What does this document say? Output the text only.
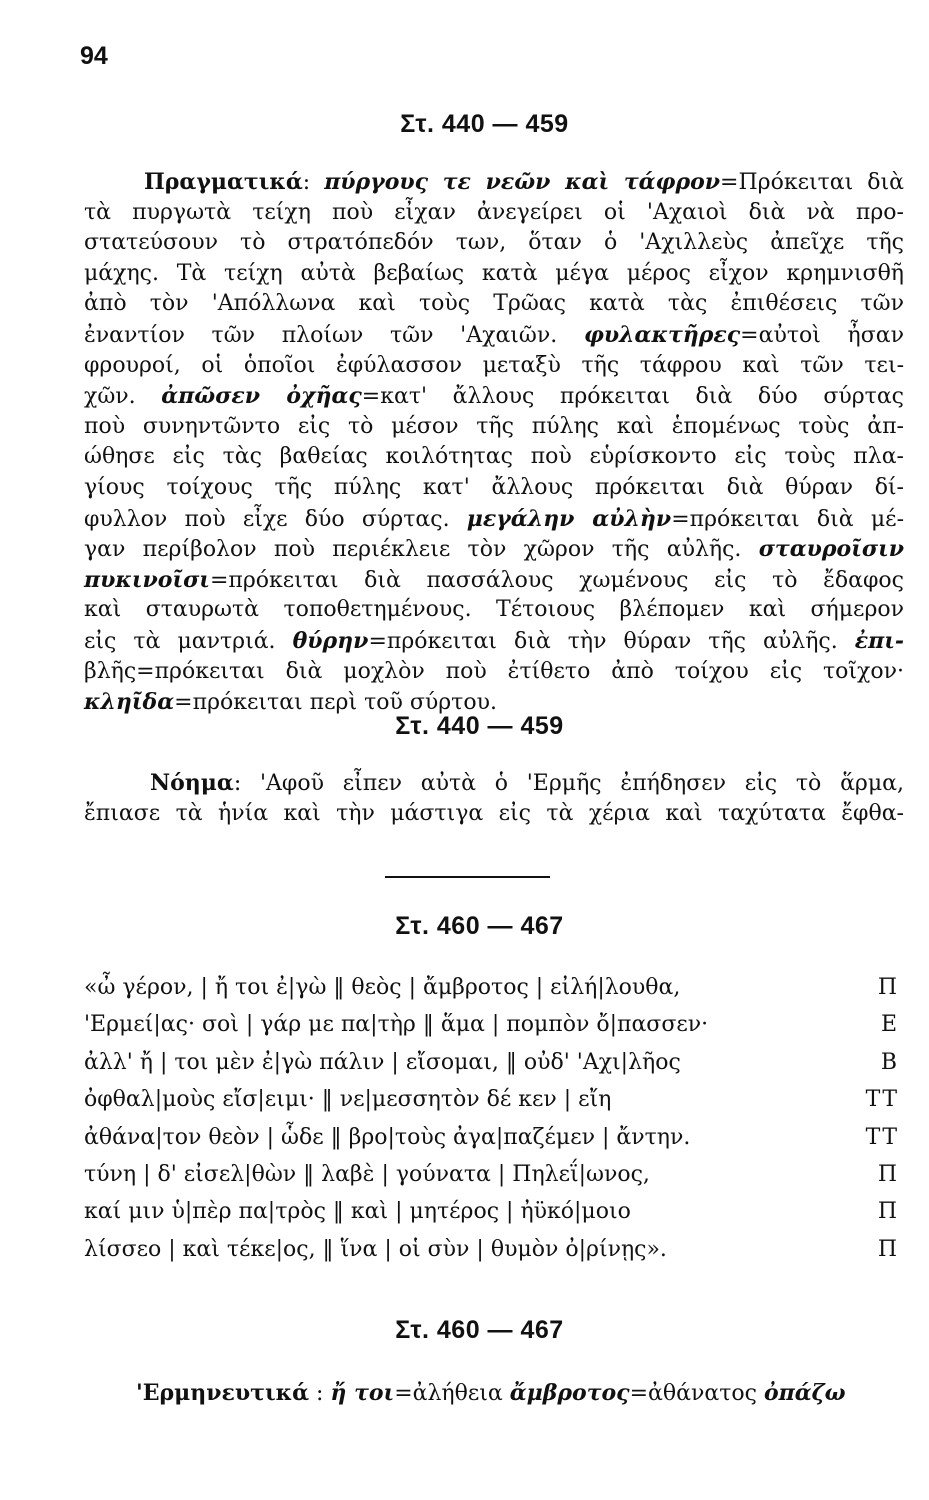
94
Στ. 440 — 459
Πραγματικά: πύργους τε νεῶν καὶ τάφρον=Πρόκειται διὰ
τὰ πυργωτὰ τείχη ποὺ εἶχαν ἀνεγείρει οἱ 'Αχαιοὶ διὰ νὰ προ-
στατεύσουν τὸ στρατόπεδόν των, ὅταν ὁ 'Αχιλλεὺς ἀπεῖχε τῆς
μάχης. Τὰ τείχη αὐτὰ βεβαίως κατὰ μέγα μέρος εἶχον κρημνισθῆ
ἀπὸ τὸν 'Απόλλωνα καὶ τοὺς Τρῶας κατὰ τὰς ἐπιθέσεις τῶν
ἐναντίον τῶν πλοίων τῶν 'Αχαιῶν. φυλακτῆρες=αὐτοὶ ἦσαν
φρουροί, οἱ ὁποῖοι ἐφύλασσον μεταξὺ τῆς τάφρου καὶ τῶν τει-
χῶν. ἀπῶσεν ὀχῆας=κατ' ἄλλους πρόκειται διὰ δύο σύρτας
ποὺ συνηντῶντο εἰς τὸ μέσον τῆς πύλης καὶ ἑπομένως τοὺς ἀπ-
ώθησε εἰς τὰς βαθείας κοιλότητας ποὺ εὑρίσκοντο εἰς τοὺς πλα-
γίους τοίχους τῆς πύλης κατ' ἄλλους πρόκειται διὰ θύραν δί-
φυλλον ποὺ εἶχε δύο σύρτας. μεγάλην αὐλὴν=πρόκειται διὰ μέ-
γαν περίβολον ποὺ περιέκλειε τὸν χῶρον τῆς αὐλῆς. σταυροῖσιν
πυκινοῖσι=πρόκειται διὰ πασσάλους χωμένους εἰς τὸ ἔδαφος
καὶ σταυρωτὰ τοποθετημένους. Τέτοιους βλέπομεν καὶ σήμερον
εἰς τὰ μαντριά. θύρην=πρόκειται διὰ τὴν θύραν τῆς αὐλῆς. ἐπι-
βλῆς=πρόκειται διὰ μοχλὸν ποὺ ἐτίθετο ἀπὸ τοίχου εἰς τοῖχον·
κληῖδα=πρόκειται περὶ τοῦ σύρτου.
Στ. 440 — 459
Νόημα: 'Αφοῦ εἶπεν αὐτὰ ὁ 'Ερμῆς ἐπήδησεν εἰς τὸ ἅρμα,
ἔπιασε τὰ ἡνία καὶ τὴν μάστιγα εἰς τὰ χέρια καὶ ταχύτατα ἔφθα-
Στ. 460 — 467
«ὦ γέρον, | ἤ τοι ἐ|γὼ ‖ θεὸς | ἄμβροτος | εἰλή|λουθα,	Π
'Ερμεί|ας· σοὶ | γάρ με πα|τὴρ ‖ ἅμα | πομπὸν ὄ|πασσεν·	Ε
ἀλλ' ἤ | τοι μὲν ἐ|γὼ πάλιν | εἴσομαι, ‖ οὐδ' 'Αχι|λῆος	Β
ὀφθαλ|μοὺς εἴσ|ειμι· ‖ νε|μεσσητὸν δέ κεν | εἴη	ΤΤ
ἀθάνα|τον θεὸν | ὧδε ‖ βρο|τοὺς ἀγα|παζέμεν | ἄντην.	ΤΤ
τύνη | δ' εἰσελ|θὼν ‖ λαβὲ | γούνατα | Πηλεΐ|ωνος,	Π
καί μιν ὑ|πὲρ πα|τρὸς ‖ καὶ | μητέρος | ἠϋκό|μοιο	Π
λίσσεο | καὶ τέκε|ος, ‖ ἵνα | οἱ σὺν | θυμὸν ὀ|ρίνῃς».	Π
Στ. 460 — 467
'Ερμηνευτικά : ἤ τοι=ἀλήθεια ἄμβροτος=ἀθάνατος ὀπάζω
